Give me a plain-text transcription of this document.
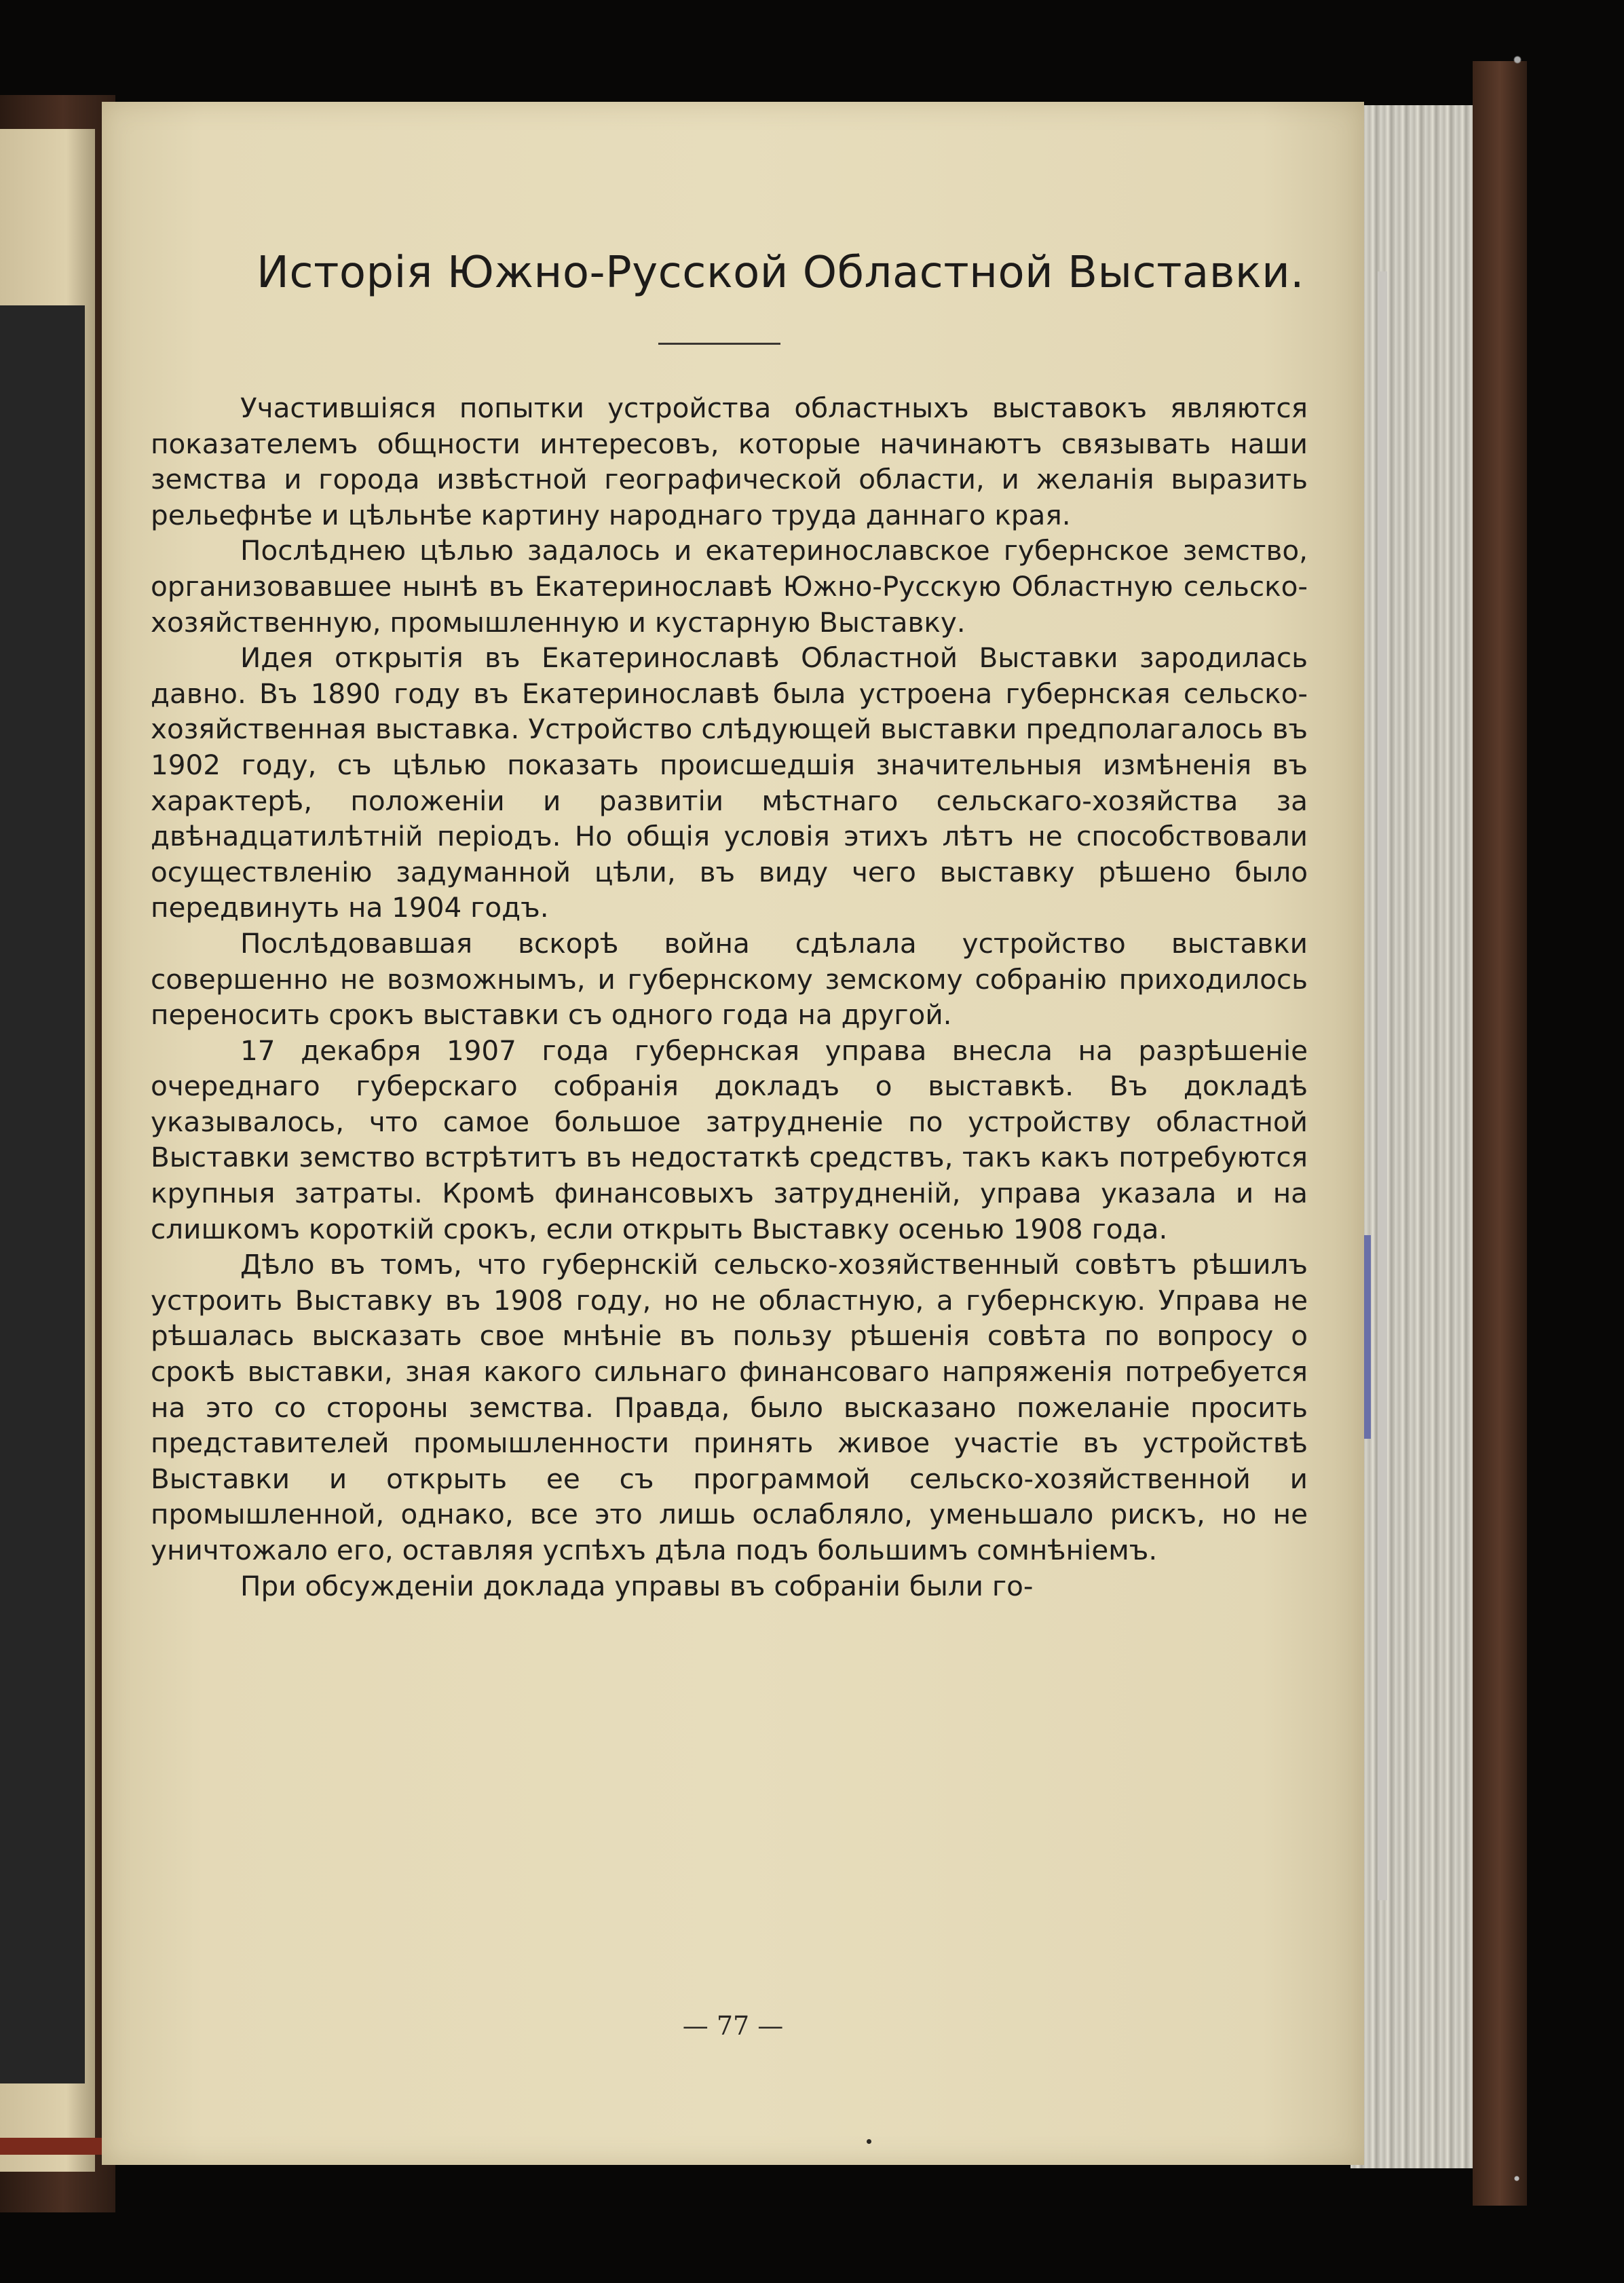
Исторія Южно-Русской Областной Выставки.

Участившіяся попытки устройства областныхъ выставокъ являются показателемъ общности интересовъ, которые начинаютъ связывать наши земства и города извѣстной географической области, и желанія выразить рельефнѣе и цѣльнѣе картину народнаго труда даннаго края.

Послѣднею цѣлью задалось и екатеринославское губернское земство, организовавшее нынѣ въ Екатеринославѣ Южно-Русскую Областную сельско-хозяйственную, промышленную и кустарную Выставку.

Идея открытія въ Екатеринославѣ Областной Выставки зародилась давно. Въ 1890 году въ Екатеринославѣ была устроена губернская сельско-хозяйственная выставка. Устройство слѣдующей выставки предполагалось въ 1902 году, съ цѣлью показать происшедшія значительныя измѣненія въ характерѣ, положеніи и развитіи мѣстнаго сельскаго-хозяйства за двѣнадцатилѣтній періодъ. Но общія условія этихъ лѣтъ не способствовали осуществленію задуманной цѣли, въ виду чего выставку рѣшено было передвинуть на 1904 годъ.

Послѣдовавшая вскорѣ война сдѣлала устройство выставки совершенно не возможнымъ, и губернскому земскому собранію приходилось переносить срокъ выставки съ одного года на другой.

17 декабря 1907 года губернская управа внесла на разрѣшеніе очереднаго губерскаго собранія докладъ о выставкѣ. Въ докладѣ указывалось, что самое большое затрудненіе по устройству областной Выставки земство встрѣтитъ въ недостаткѣ средствъ, такъ какъ потребуются крупныя затраты. Кромѣ финансовыхъ затрудненій, управа указала и на слишкомъ короткій срокъ, если открыть Выставку осенью 1908 года.

Дѣло въ томъ, что губернскій сельско-хозяйственный совѣтъ рѣшилъ устроить Выставку въ 1908 году, но не областную, а губернскую. Управа не рѣшалась высказать свое мнѣніе въ пользу рѣшенія совѣта по вопросу о срокѣ выставки, зная какого сильнаго финансоваго напряженія потребуется на это со стороны земства. Правда, было высказано пожеланіе просить представителей промышленности принять живое участіе въ устройствѣ Выставки и открыть ее съ программой сельско-хозяйственной и промышленной, однако, все это лишь ослабляло, уменьшало рискъ, но не уничтожало его, оставляя успѣхъ дѣла подъ большимъ сомнѣніемъ.

При обсужденіи доклада управы въ собраніи были го-

— 77 —
